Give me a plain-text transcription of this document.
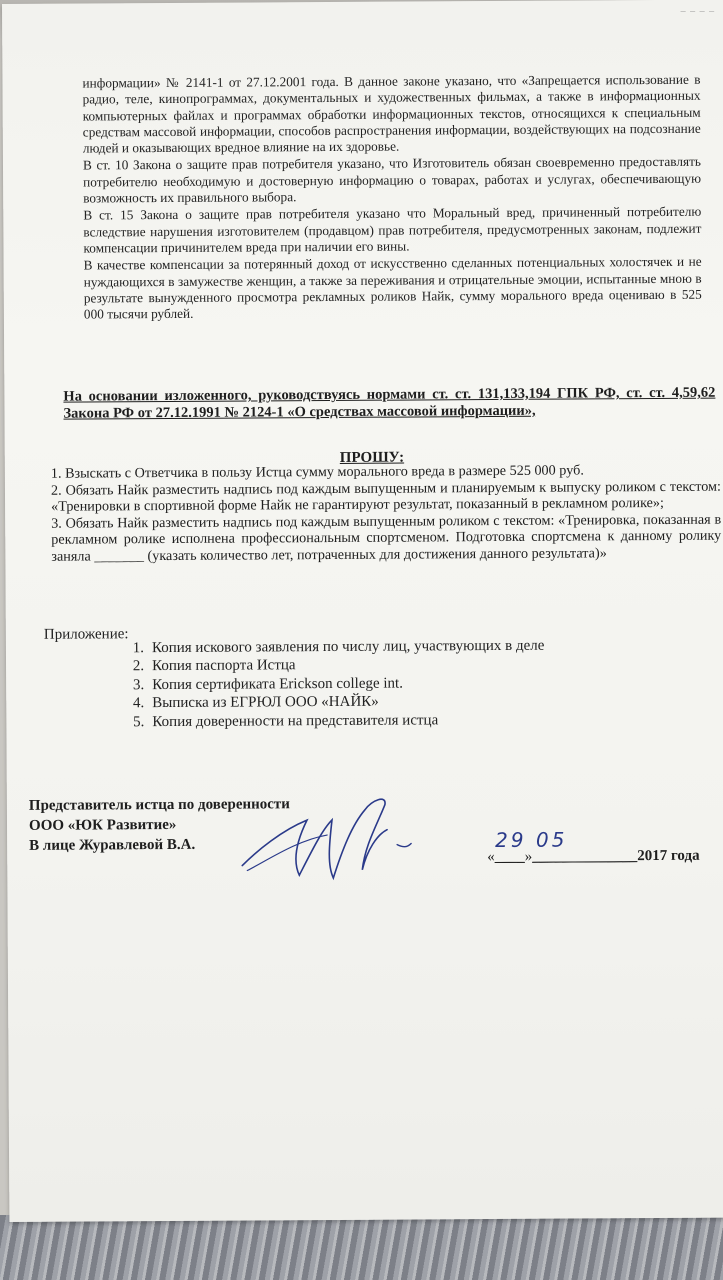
– – – –

информации» № 2141-1 от 27.12.2001 года. В данное законе указано, что «Запрещается использование в радио, теле, кинопрограммах, документальных и художественных фильмах, а также в информационных компьютерных файлах и программах обработки информационных текстов, относящихся к специальным средствам массовой информации, способов распространения информации, воздействующих на подсознание людей и оказывающих вредное влияние на их здоровье.

В ст. 10 Закона о защите прав потребителя указано, что Изготовитель обязан своевременно предоставлять потребителю необходимую и достоверную информацию о товарах, работах и услугах, обеспечивающую возможность их правильного выбора.

В ст. 15 Закона о защите прав потребителя указано что Моральный вред, причиненный потребителю вследствие нарушения изготовителем (продавцом) прав потребителя, предусмотренных законам, подлежит компенсации причинителем вреда при наличии его вины.

В качестве компенсации за потерянный доход от искусственно сделанных потенциальных холостячек и не нуждающихся в замужестве женщин, а также за переживания и отрицательные эмоции, испытанные мною в результате вынужденного просмотра рекламных роликов Найк, сумму морального вреда оцениваю в 525 000 тысячи рублей.

На основании изложенного, руководствуясь нормами ст. ст. 131,133,194 ГПК РФ, ст. ст. 4,59,62 Закона РФ от 27.12.1991 № 2124-1 «О средствах массовой информации»,
ПРОШУ:

1. Взыскать с Ответчика в пользу Истца сумму морального вреда в размере 525 000 руб.

2. Обязать Найк разместить надпись под каждым выпущенным и планируемым к выпуску роликом с текстом: «Тренировки в спортивной форме Найк не гарантируют результат, показанный в рекламном ролике»;

3. Обязать Найк разместить надпись под каждым выпущенным роликом с текстом: «Тренировка, показанная в рекламном ролике исполнена профессиональным спортсменом. Подготовка спортсмена к данному ролику заняла _______ (указать количество лет, потраченных для достижения данного результата)»

Приложение:
1. Копия искового заявления по числу лиц, участвующих в деле
2. Копия паспорта Истца
3. Копия сертификата Erickson college int.
4. Выписка из ЕГРЮЛ ООО «НАЙК»
5. Копия доверенности на представителя истца
Представитель истца по доверенности
ООО «ЮК Развитие»
В лице Журавлевой В.А.	29 05
«____»______________2017 года
